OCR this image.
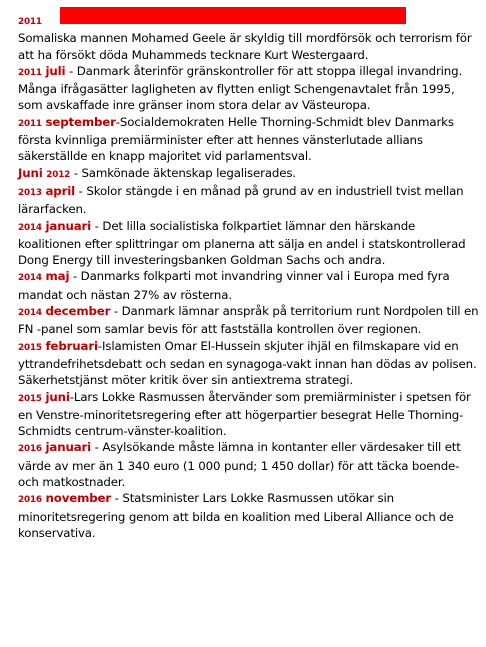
2011
Somaliska mannen Mohamed Geele är skyldig till mordförsök och terrorism för att ha försökt döda Muhammeds tecknare Kurt Westergaard.

2011 juli - Danmark återinför gränskontroller för att stoppa illegal invandring. Många ifrågasätter lagligheten av flytten enligt Schengenavtalet från 1995, som avskaffade inre gränser inom stora delar av Västeuropa.

2011 september-Socialdemokraten Helle Thorning-Schmidt blev Danmarks första kvinnliga premiärminister efter att hennes vänsterlutade allians säkerställde en knapp majoritet vid parlamentsval.

Juni 2012 - Samkönade äktenskap legaliserades.

2013 april - Skolor stängde i en månad på grund av en industriell tvist mellan lärarfacken.

2014 januari - Det lilla socialistiska folkpartiet lämnar den härskande koalitionen efter splittringar om planerna att sälja en andel i statskontrollerad Dong Energy till investeringsbanken Goldman Sachs och andra.

2014 maj - Danmarks folkparti mot invandring vinner val i Europa med fyra mandat och nästan 27% av rösterna.

2014 december - Danmark lämnar anspråk på territorium runt Nordpolen till en FN -panel som samlar bevis för att fastställa kontrollen över regionen.

2015 februari-Islamisten Omar El-Hussein skjuter ihjäl en filmskapare vid en yttrandefrihetsdebatt och sedan en synagoga-vakt innan han dödas av polisen. Säkerhetstjänst möter kritik över sin antiextrema strategi.

2015 juni-Lars Lokke Rasmussen återvänder som premiärminister i spetsen för en Venstre-minoritetsregering efter att högerpartier besegrat Helle Thorning-Schmidts centrum-vänster-koalition.

2016 januari - Asylsökande måste lämna in kontanter eller värdesaker till ett värde av mer än 1 340 euro (1 000 pund; 1 450 dollar) för att täcka boende- och matkostnader.

2016 november - Statsminister Lars Lokke Rasmussen utökar sin minoritetsregering genom att bilda en koalition med Liberal Alliance och de konservativa.
